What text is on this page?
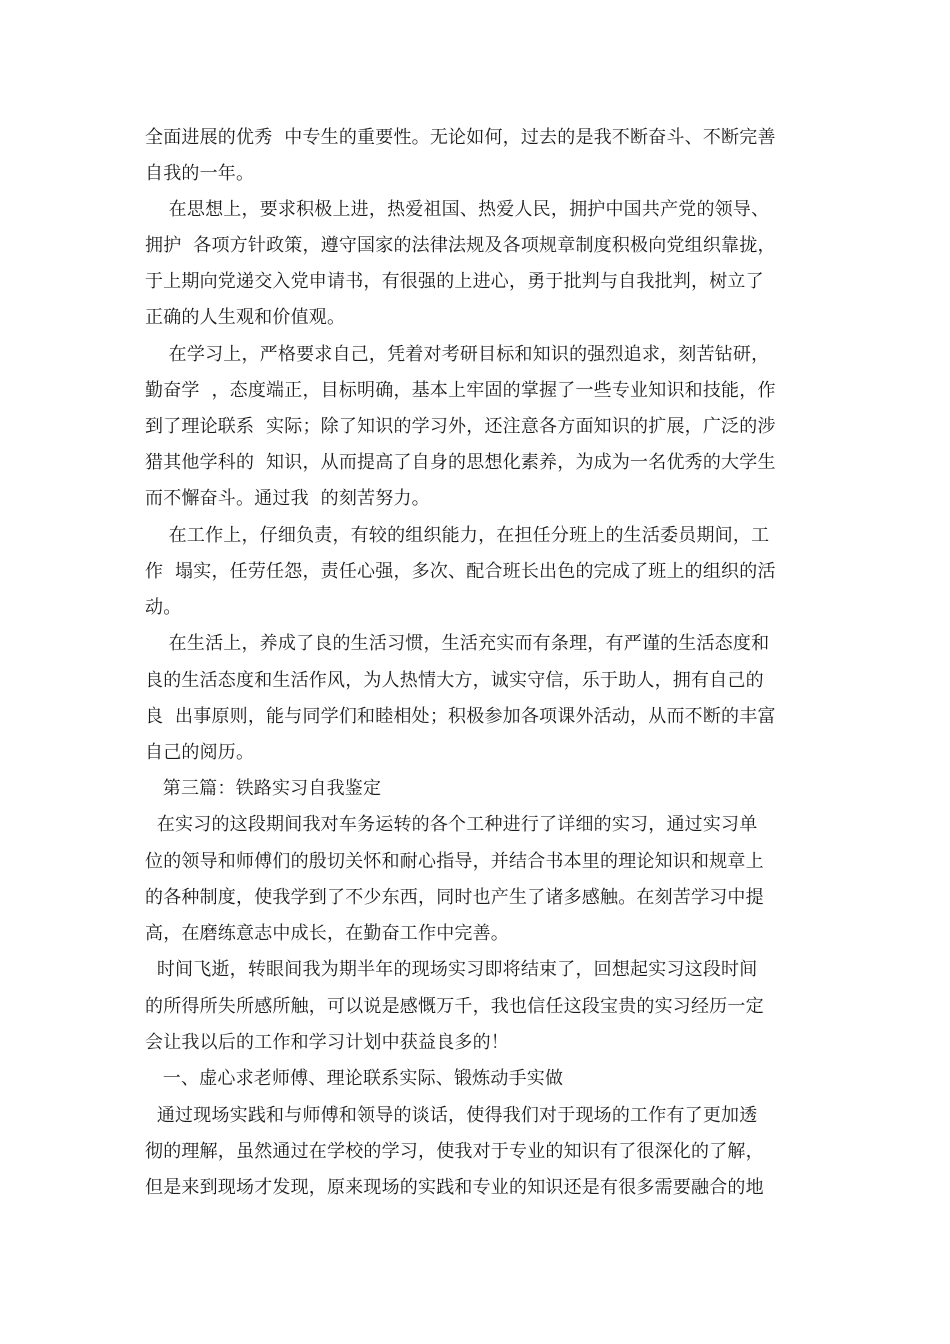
全面进展的优秀  中专生的重要性。无论如何，过去的是我不断奋斗、不断完善
自我的一年。
在思想上，要求积极上进，热爱祖国、热爱人民，拥护中国共产党的领导、
拥护  各项方针政策，遵守国家的法律法规及各项规章制度积极向党组织靠拢，
于上期向党递交入党申请书，有很强的上进心，勇于批判与自我批判，树立了
正确的人生观和价值观。
在学习上，严格要求自己，凭着对考研目标和知识的强烈追求，刻苦钻研，
勤奋学  ，态度端正，目标明确，基本上牢固的掌握了一些专业知识和技能，作
到了理论联系  实际；除了知识的学习外，还注意各方面知识的扩展，广泛的涉
猎其他学科的  知识，从而提高了自身的思想化素养，为成为一名优秀的大学生
而不懈奋斗。通过我  的刻苦努力。
在工作上，仔细负责，有较的组织能力，在担任分班上的生活委员期间，工
作  塌实，任劳任怨，责任心强，多次、配合班长出色的完成了班上的组织的活
动。
在生活上，养成了良的生活习惯，生活充实而有条理，有严谨的生活态度和
良的生活态度和生活作风，为人热情大方，诚实守信，乐于助人，拥有自己的
良  出事原则，能与同学们和睦相处；积极参加各项课外活动，从而不断的丰富
自己的阅历。
第三篇：铁路实习自我鉴定
在实习的这段期间我对车务运转的各个工种进行了详细的实习，通过实习单
位的领导和师傅们的殷切关怀和耐心指导，并结合书本里的理论知识和规章上
的各种制度，使我学到了不少东西，同时也产生了诸多感触。在刻苦学习中提
高，在磨练意志中成长，在勤奋工作中完善。
时间飞逝，转眼间我为期半年的现场实习即将结束了，回想起实习这段时间
的所得所失所感所触，可以说是感慨万千，我也信任这段宝贵的实习经历一定
会让我以后的工作和学习计划中获益良多的！
一、虚心求老师傅、理论联系实际、锻炼动手实做
通过现场实践和与师傅和领导的谈话，使得我们对于现场的工作有了更加透
彻的理解，虽然通过在学校的学习，使我对于专业的知识有了很深化的了解，
但是来到现场才发现，原来现场的实践和专业的知识还是有很多需要融合的地
